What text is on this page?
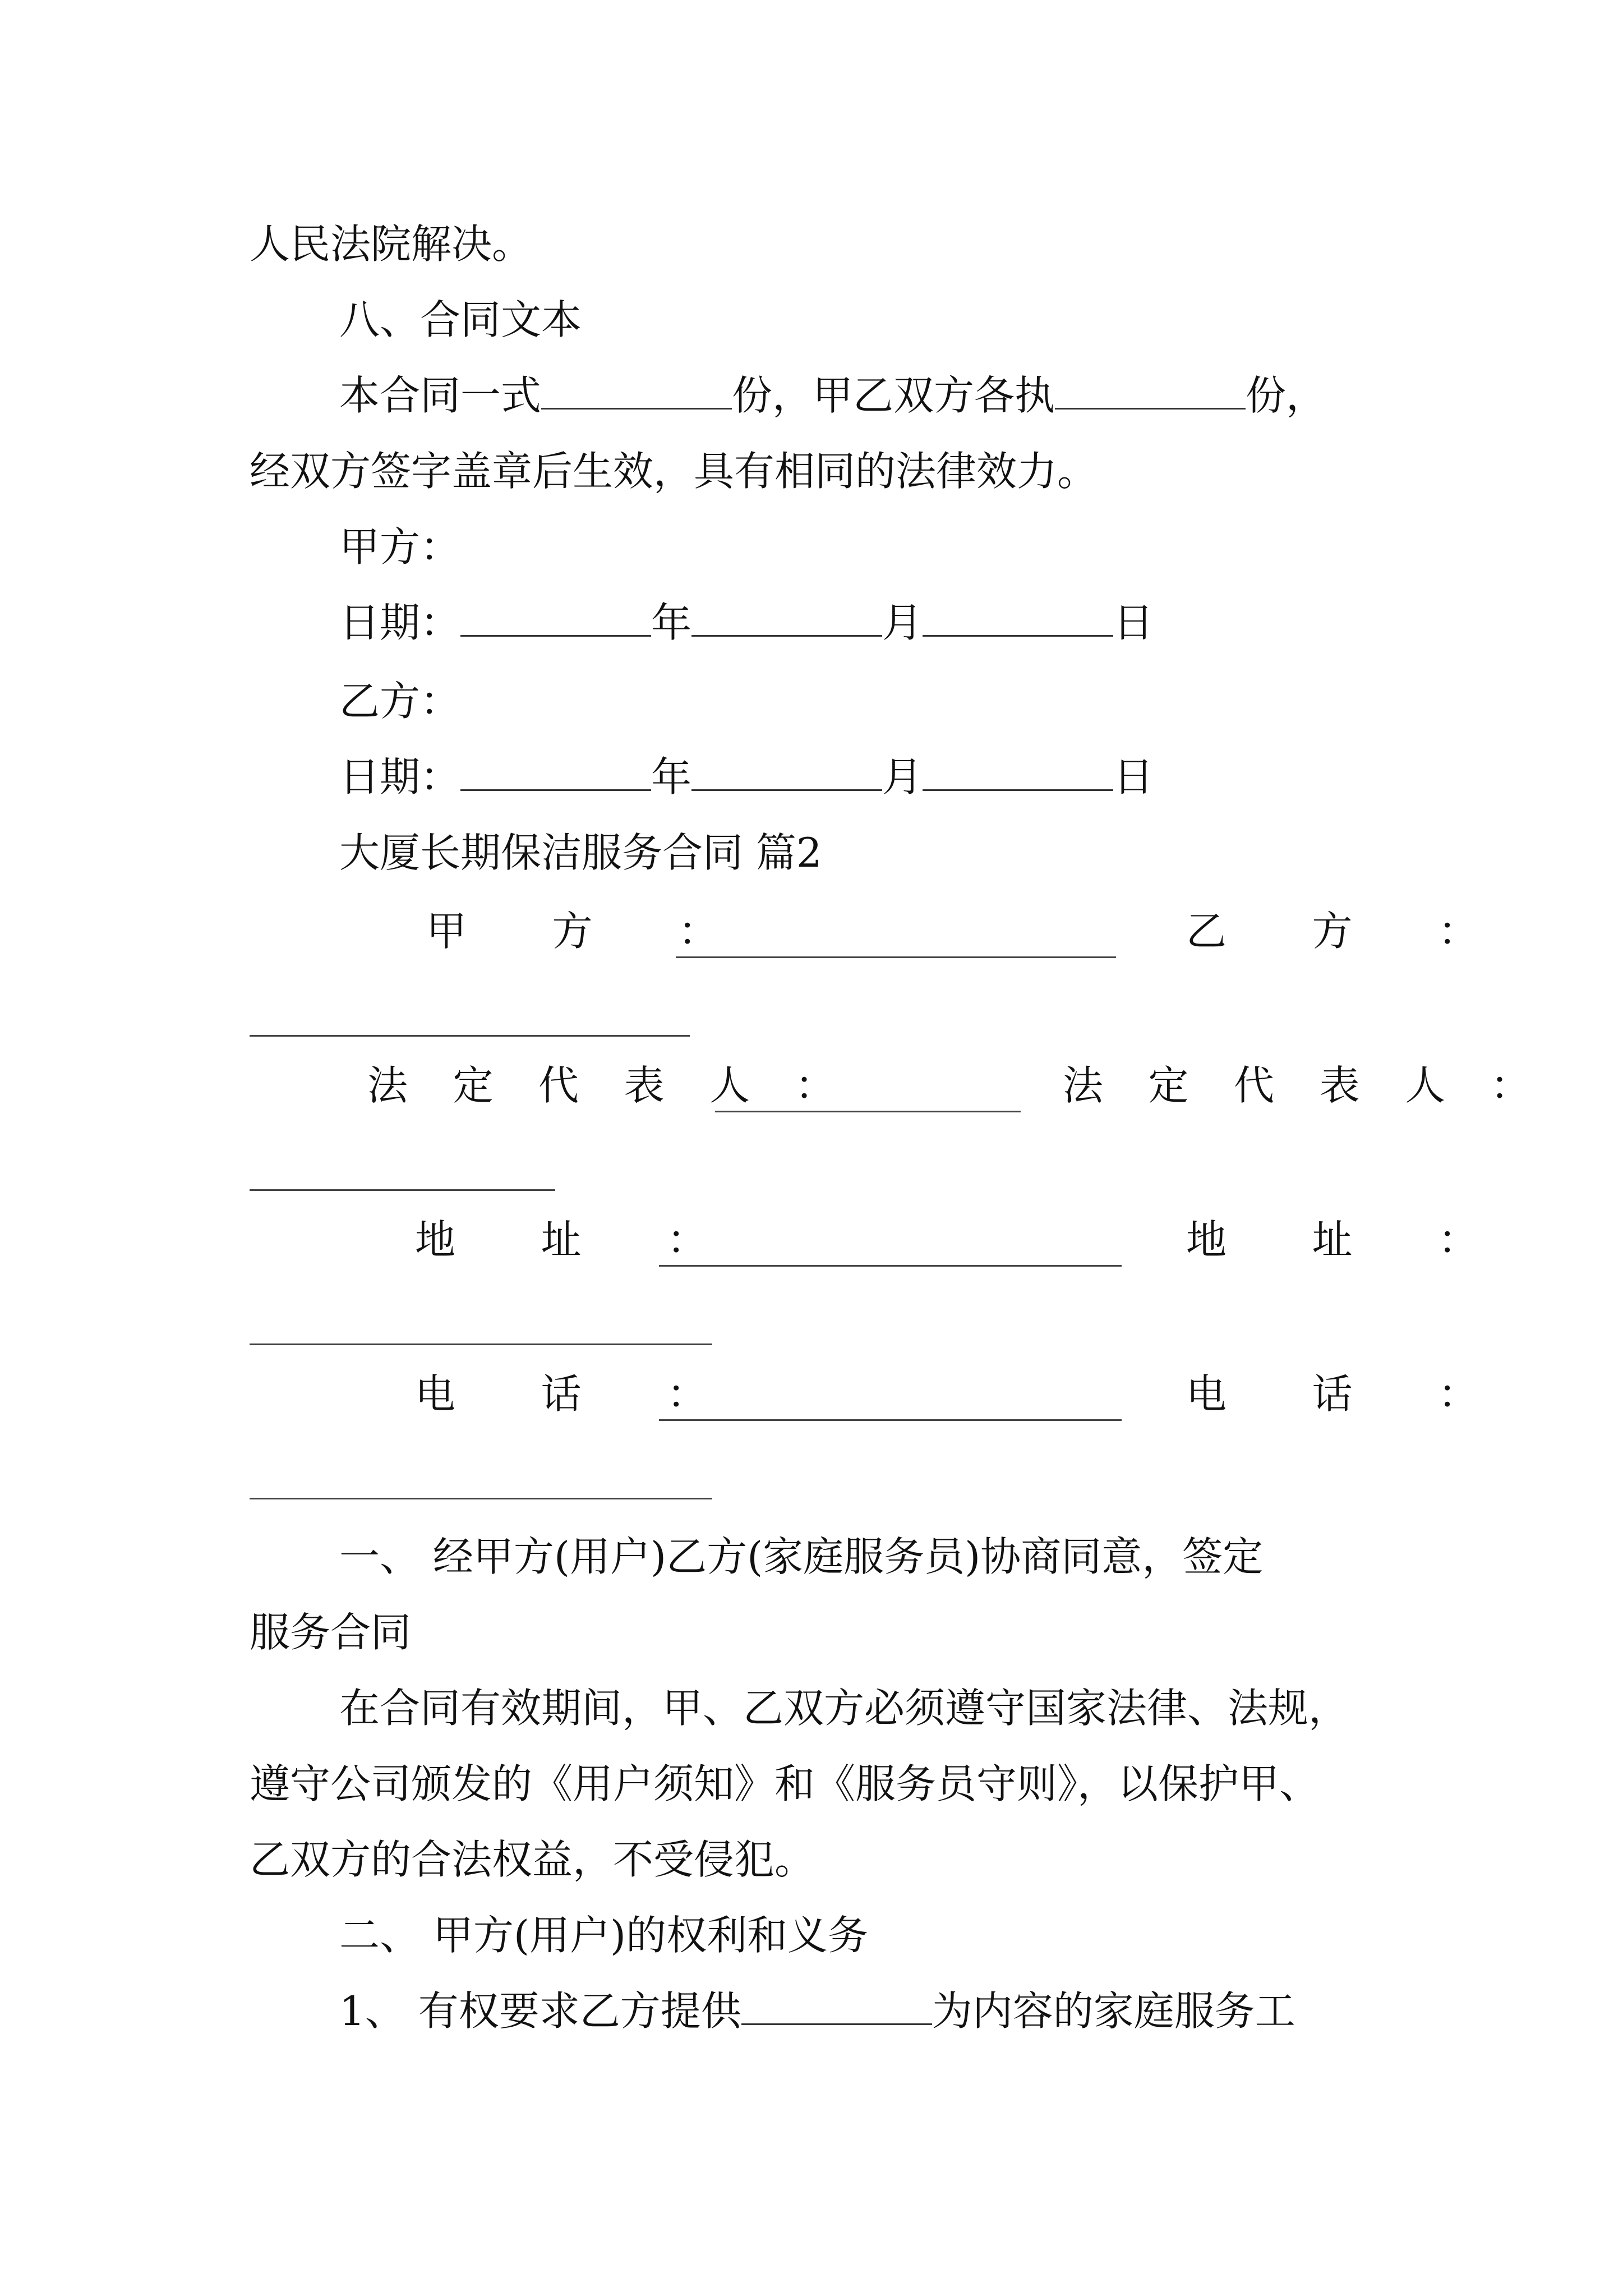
人民法院解决。
八、合同文本
本合同一式	份，甲乙双方各执	份，
经双方签字盖章后生效，具有相同的法律效力。
甲方：
日期：	年	月	日
乙方：
日期：	年	月	日
大厦长期保洁服务合同 篇2
甲 方 ：	乙 方 ：
法 定 代 表 人 ：	法 定 代 表 人 ：
地 址 ：	地 址 ：
电 话 ：	电 话 ：
一、 经甲方(用户)乙方(家庭服务员)协商同意，签定
服务合同
在合同有效期间，甲、乙双方必须遵守国家法律、法规，
遵守公司颁发的《用户须知》和《服务员守则》，以保护甲、
乙双方的合法权益，不受侵犯。
二、 甲方(用户)的权利和义务
1、 有权要求乙方提供	为内容的家庭服务工
